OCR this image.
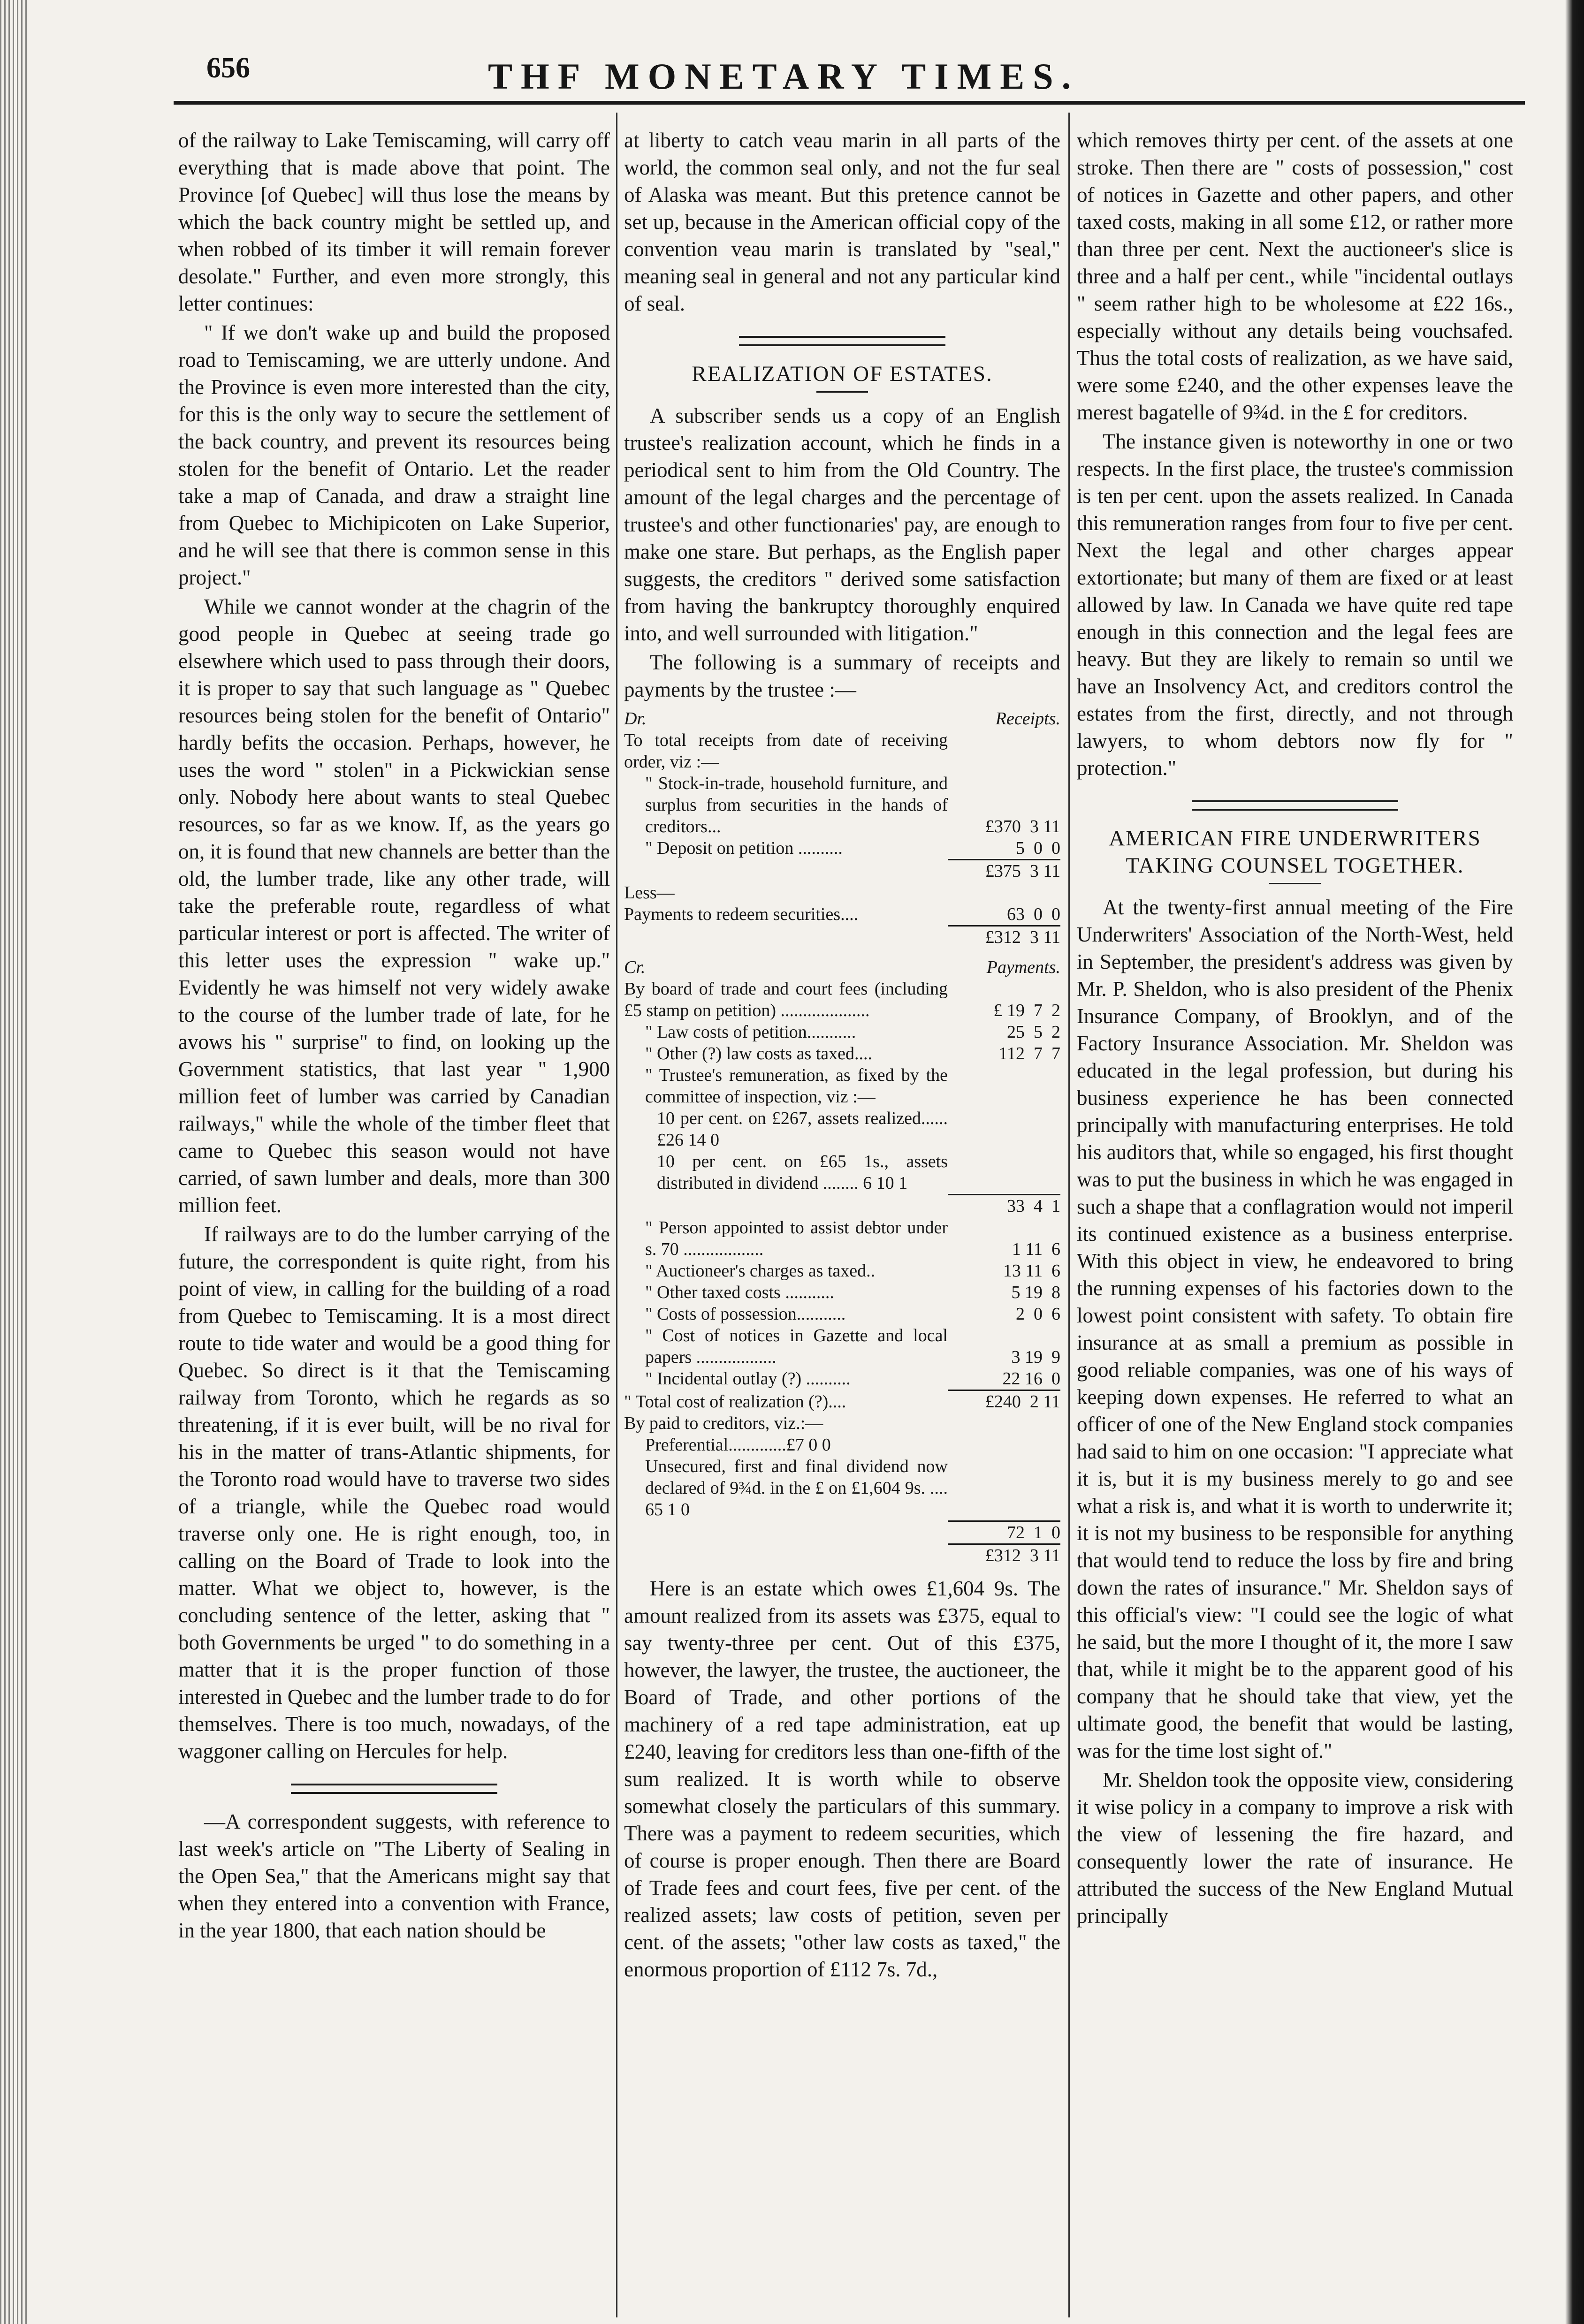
656	THF MONETARY TIMES.

of the railway to Lake Temiscaming, will carry off everything that is made above that point. The Province [of Quebec] will thus lose the means by which the back country might be settled up, and when robbed of its timber it will remain forever desolate." Further, and even more strongly, this letter continues:

" If we don't wake up and build the proposed road to Temiscaming, we are utterly undone. And the Province is even more interested than the city, for this is the only way to secure the settlement of the back country, and prevent its resources being stolen for the benefit of Ontario. Let the reader take a map of Canada, and draw a straight line from Quebec to Michipicoten on Lake Superior, and he will see that there is common sense in this project."

While we cannot wonder at the chagrin of the good people in Quebec at seeing trade go elsewhere which used to pass through their doors, it is proper to say that such language as " Quebec resources being stolen for the benefit of Ontario" hardly befits the occasion. Perhaps, however, he uses the word " stolen" in a Pickwickian sense only. Nobody here about wants to steal Quebec resources, so far as we know. If, as the years go on, it is found that new channels are better than the old, the lumber trade, like any other trade, will take the preferable route, regardless of what particular interest or port is affected. The writer of this letter uses the expression " wake up." Evidently he was himself not very widely awake to the course of the lumber trade of late, for he avows his " surprise" to find, on looking up the Government statistics, that last year " 1,900 million feet of lumber was carried by Canadian railways," while the whole of the timber fleet that came to Quebec this season would not have carried, of sawn lumber and deals, more than 300 million feet.

If railways are to do the lumber carrying of the future, the correspondent is quite right, from his point of view, in calling for the building of a road from Quebec to Temiscaming. It is a most direct route to tide water and would be a good thing for Quebec. So direct is it that the Temiscaming railway from Toronto, which he regards as so threatening, if it is ever built, will be no rival for his in the matter of trans-Atlantic shipments, for the Toronto road would have to traverse two sides of a triangle, while the Quebec road would traverse only one. He is right enough, too, in calling on the Board of Trade to look into the matter. What we object to, however, is the concluding sentence of the letter, asking that " both Governments be urged " to do something in a matter that it is the proper function of those interested in Quebec and the lumber trade to do for themselves. There is too much, nowadays, of the waggoner calling on Hercules for help.

—A correspondent suggests, with reference to last week's article on "The Liberty of Sealing in the Open Sea," that the Americans might say that when they entered into a convention with France, in the year 1800, that each nation should be

at liberty to catch veau marin in all parts of the world, the common seal only, and not the fur seal of Alaska was meant. But this pretence cannot be set up, because in the American official copy of the convention veau marin is translated by "seal," meaning seal in general and not any particular kind of seal.

REALIZATION OF ESTATES.

A subscriber sends us a copy of an English trustee's realization account, which he finds in a periodical sent to him from the Old Country. The amount of the legal charges and the percentage of trustee's and other functionaries' pay, are enough to make one stare. But perhaps, as the English paper suggests, the creditors " derived some satisfaction from having the bankruptcy thoroughly enquired into, and well surrounded with litigation."

The following is a summary of receipts and payments by the trustee :—

Dr.	Receipts.
To total receipts from date of receiving order, viz :—
" Stock-in-trade, household furniture, and surplus from securities in the hands of creditors...	£370  3 11
" Deposit on petition ..........	5  0  0
£375  3 11
Less—
Payments to redeem securities....	63  0  0
£312  3 11
Cr.	Payments.
By board of trade and court fees (including £5 stamp on petition) ....................	£ 19  7  2
" Law costs of petition...........	25  5  2
" Other (?) law costs as taxed....	112  7  7
" Trustee's remuneration, as fixed by the committee of inspection, viz :—
10 per cent. on £267, assets realized......£26 14 0
10 per cent. on £65 1s., assets distributed in dividend ........ 6 10 1
33  4  1
" Person appointed to assist debtor under s. 70 ..................	1 11  6
" Auctioneer's charges as taxed..	13 11  6
" Other taxed costs ...........	5 19  8
" Costs of possession...........	2  0  6
" Cost of notices in Gazette and local papers ..................	3 19  9
" Incidental outlay (?) ..........	22 16  0
" Total cost of realization (?)....	£240  2 11
By paid to creditors, viz.:—
Preferential.............£7 0 0
Unsecured, first and final dividend now declared of 9¾d. in the £ on £1,604 9s. .... 65 1 0
72  1  0
£312  3 11

Here is an estate which owes £1,604 9s. The amount realized from its assets was £375, equal to say twenty-three per cent. Out of this £375, however, the lawyer, the trustee, the auctioneer, the Board of Trade, and other portions of the machinery of a red tape administration, eat up £240, leaving for creditors less than one-fifth of the sum realized. It is worth while to observe somewhat closely the particulars of this summary. There was a payment to redeem securities, which of course is proper enough. Then there are Board of Trade fees and court fees, five per cent. of the realized assets; law costs of petition, seven per cent. of the assets; "other law costs as taxed," the enormous proportion of £112 7s. 7d.,

which removes thirty per cent. of the assets at one stroke. Then there are " costs of possession," cost of notices in Gazette and other papers, and other taxed costs, making in all some £12, or rather more than three per cent. Next the auctioneer's slice is three and a half per cent., while "incidental outlays " seem rather high to be wholesome at £22 16s., especially without any details being vouchsafed. Thus the total costs of realization, as we have said, were some £240, and the other expenses leave the merest bagatelle of 9¾d. in the £ for creditors.

The instance given is noteworthy in one or two respects. In the first place, the trustee's commission is ten per cent. upon the assets realized. In Canada this remuneration ranges from four to five per cent. Next the legal and other charges appear extortionate; but many of them are fixed or at least allowed by law. In Canada we have quite red tape enough in this connection and the legal fees are heavy. But they are likely to remain so until we have an Insolvency Act, and creditors control the estates from the first, directly, and not through lawyers, to whom debtors now fly for " protection."

AMERICAN FIRE UNDERWRITERS TAKING COUNSEL TOGETHER.

At the twenty-first annual meeting of the Fire Underwriters' Association of the North-West, held in September, the president's address was given by Mr. P. Sheldon, who is also president of the Phenix Insurance Company, of Brooklyn, and of the Factory Insurance Association. Mr. Sheldon was educated in the legal profession, but during his business experience he has been connected principally with manufacturing enterprises. He told his auditors that, while so engaged, his first thought was to put the business in which he was engaged in such a shape that a conflagration would not imperil its continued existence as a business enterprise. With this object in view, he endeavored to bring the running expenses of his factories down to the lowest point consistent with safety. To obtain fire insurance at as small a premium as possible in good reliable companies, was one of his ways of keeping down expenses. He referred to what an officer of one of the New England stock companies had said to him on one occasion: "I appreciate what it is, but it is my business merely to go and see what a risk is, and what it is worth to underwrite it; it is not my business to be responsible for anything that would tend to reduce the loss by fire and bring down the rates of insurance." Mr. Sheldon says of this official's view: "I could see the logic of what he said, but the more I thought of it, the more I saw that, while it might be to the apparent good of his company that he should take that view, yet the ultimate good, the benefit that would be lasting, was for the time lost sight of."

Mr. Sheldon took the opposite view, considering it wise policy in a company to improve a risk with the view of lessening the fire hazard, and consequently lower the rate of insurance. He attributed the success of the New England Mutual principally
